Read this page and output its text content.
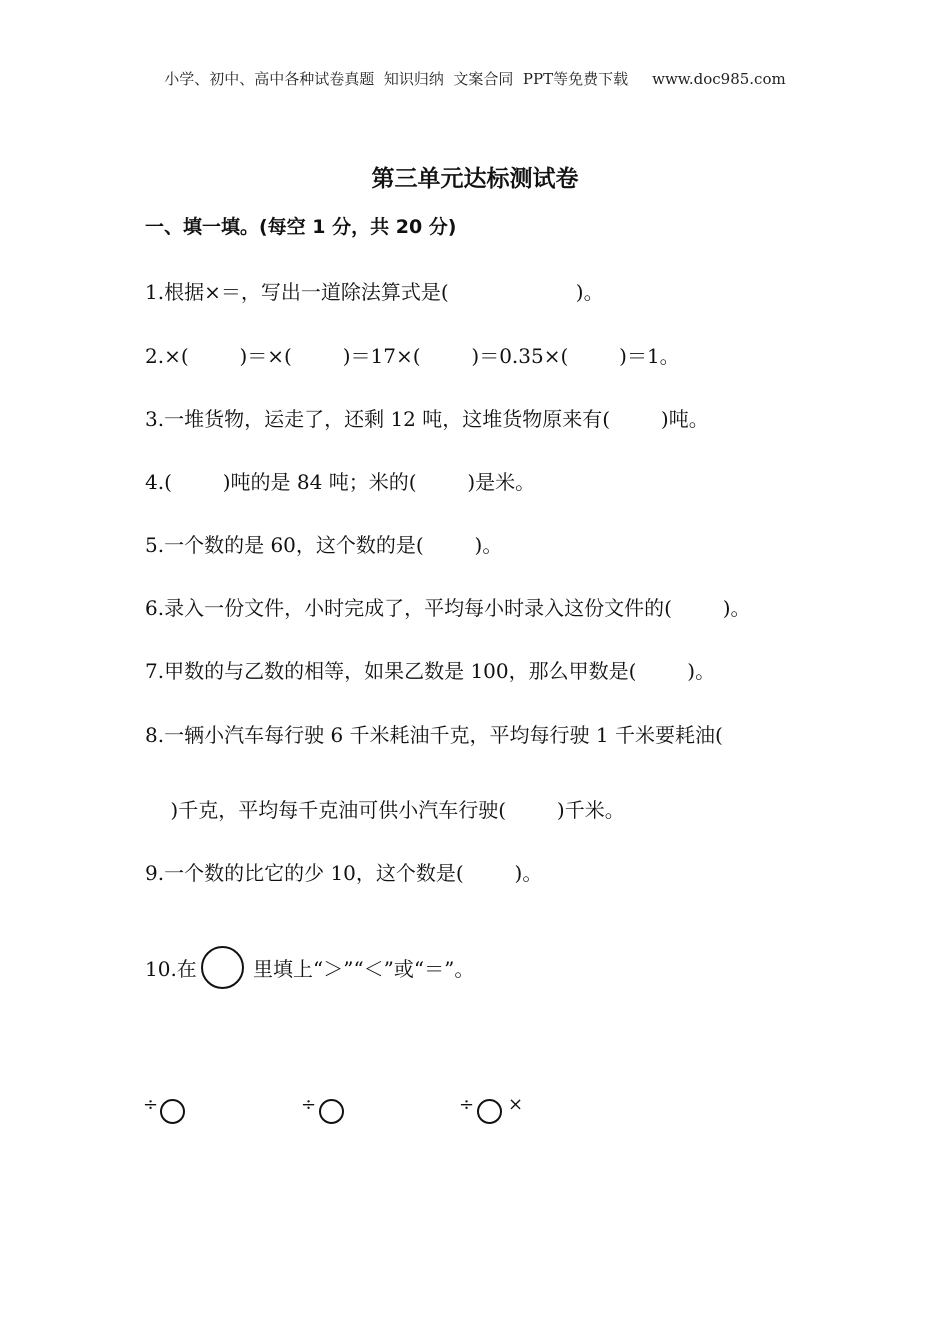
小学、初中、高中各种试卷真题  知识归纳  文案合同  PPT等免费下载 www.doc985.com
第三单元达标测试卷
一、填一填。(每空 1 分，共 20 分)
1.根据×＝，写出一道除法算式是(                    )。
2.×(        )＝×(        )＝17×(        )＝0.35×(        )＝1。
3.一堆货物，运走了，还剩 12 吨，这堆货物原来有(        )吨。
4.(        )吨的是 84 吨；米的(        )是米。
5.一个数的是 60，这个数的是(        )。
6.录入一份文件，小时完成了，平均每小时录入这份文件的(        )。
7.甲数的与乙数的相等，如果乙数是 100，那么甲数是(        )。
8.一辆小汽车每行驶 6 千米耗油千克，平均每行驶 1 千米要耗油(
)千克，平均每千克油可供小汽车行驶(        )千米。
9.一个数的比它的少 10，这个数是(        )。
10.在	里填上“＞”“＜”或“＝”。
÷	÷	÷ ×
